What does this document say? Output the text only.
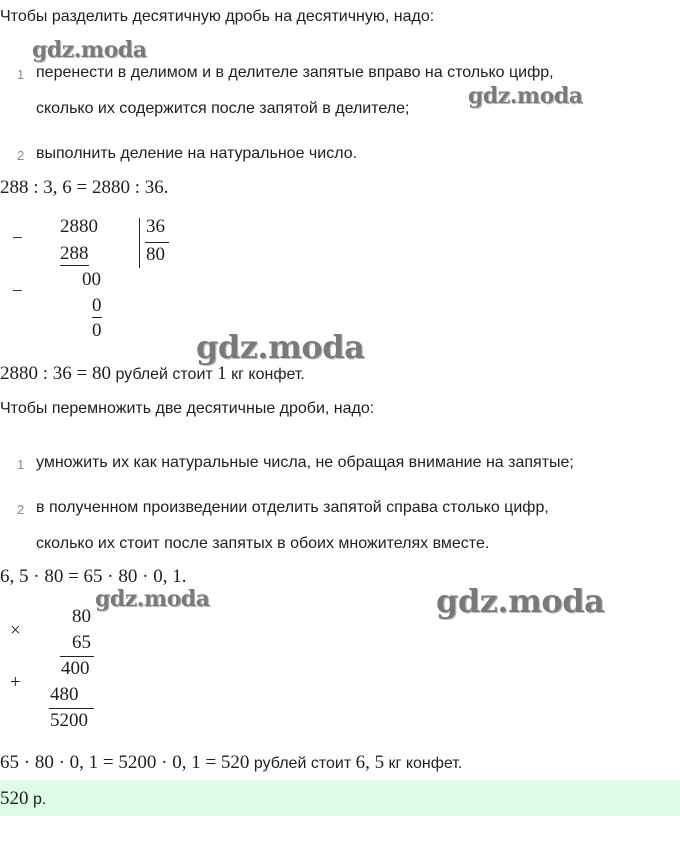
Чтобы разделить десятичную дробь на десятичную, надо:
1 перенести в делимом и в делителе запятые вправо на столько цифр,
сколько их содержится после запятой в делителе;
2 выполнить деление на натуральное число.
288 : 3, 6 = 2880 : 36.
−
2880
288
−
00
0
0
36
80
2880 : 36 = 80 рублей стоит 1 кг конфет.
Чтобы перемножить две десятичные дроби, надо:
1 умножить их как натуральные числа, не обращая внимание на запятые;
2 в полученном произведении отделить запятой справа столько цифр,
сколько их стоит после запятых в обоих множителях вместе.
6, 5 · 80 = 65 · 80 · 0, 1.
×
80
65
400
+
480
5200
65 · 80 · 0, 1 = 5200 · 0, 1 = 520 рублей стоит 6, 5 кг конфет.
520 р.
gdz.moda
gdz.moda
gdz.moda
gdz.moda	gdz.moda
